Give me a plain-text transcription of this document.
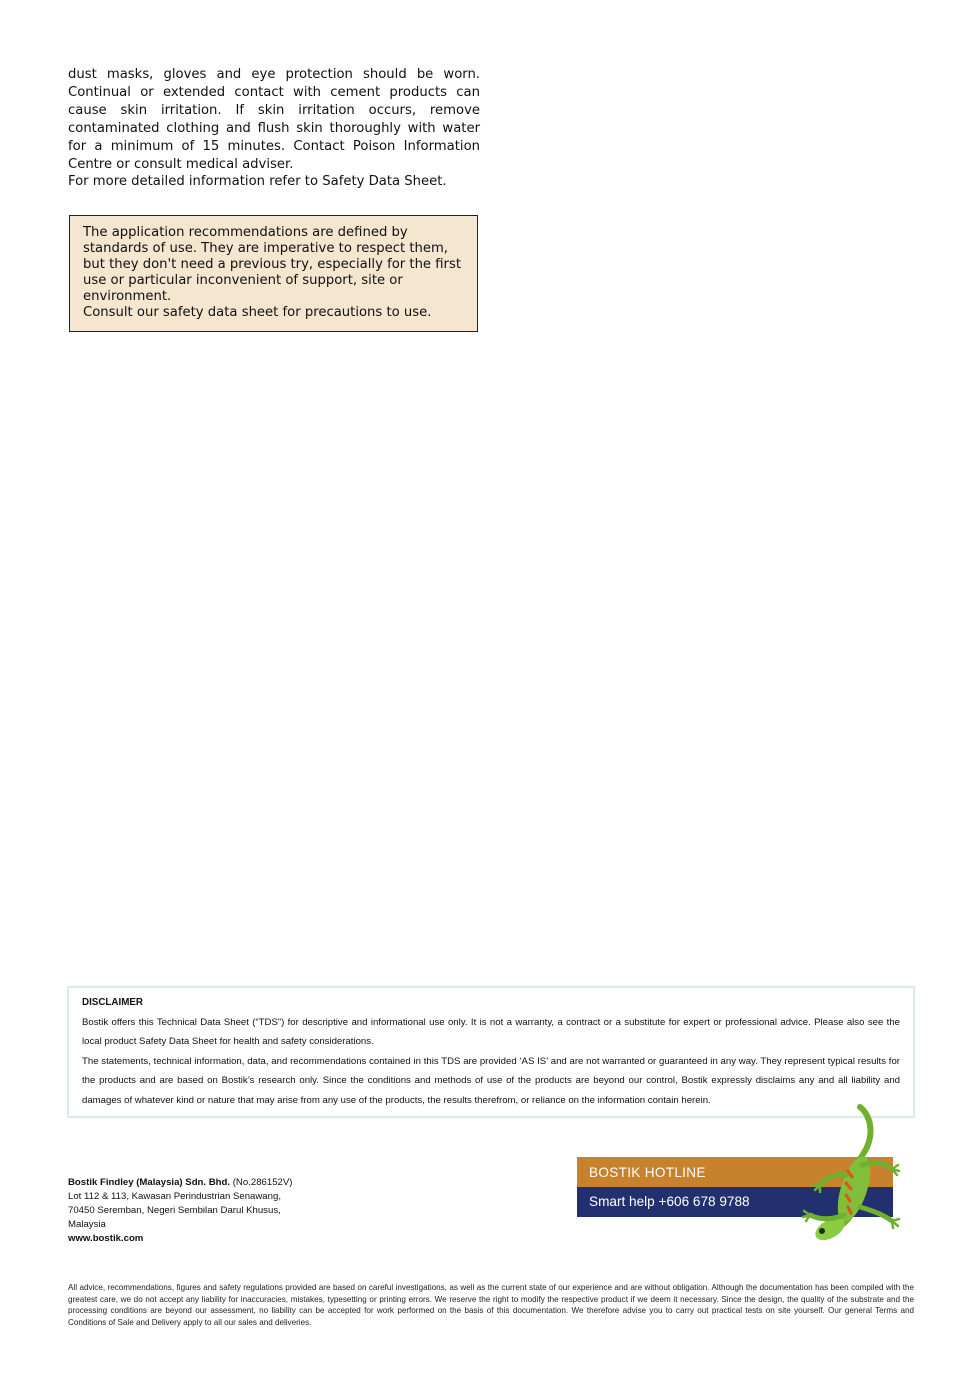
dust masks, gloves and eye protection should be worn. Continual or extended contact with cement products can cause skin irritation. If skin irritation occurs, remove contaminated clothing and flush skin thoroughly with water for a minimum of 15 minutes. Contact Poison Information Centre or consult medical adviser.

For more detailed information refer to Safety Data Sheet.

The application recommendations are defined by standards of use. They are imperative to respect them, but they don't need a previous try, especially for the first use or particular inconvenient of support, site or environment.

Consult our safety data sheet for precautions to use.

DISCLAIMER

Bostik offers this Technical Data Sheet (“TDS”) for descriptive and informational use only. It is not a warranty, a contract or a substitute for expert or professional advice. Please also see the local product Safety Data Sheet for health and safety considerations.

The statements, technical information, data, and recommendations contained in this TDS are provided ‘AS IS’ and are not warranted or guaranteed in any way. They represent typical results for the products and are based on Bostik’s research only. Since the conditions and methods of use of the products are beyond our control, Bostik expressly disclaims any and all liability and damages of whatever kind or nature that may arise from any use of the products, the results therefrom, or reliance on the information contain herein.

Bostik Findley (Malaysia) Sdn. Bhd. (No.286152V)
Lot 112 & 113, Kawasan Perindustrian Senawang,
70450 Seremban, Negeri Sembilan Darul Khusus,
Malaysia
www.bostik.com
BOSTIK HOTLINE
Smart help +606 678 9788

All advice, recommendations, figures and safety regulations provided are based on careful investigations, as well as the current state of our experience and are without obligation. Although the documentation has been compiled with the greatest care, we do not accept any liability for inaccuracies, mistakes, typesetting or printing errors. We reserve the right to modify the respective product if we deem it necessary. Since the design, the quality of the substrate and the processing conditions are beyond our assessment, no liability can be accepted for work performed on the basis of this documentation. We therefore advise you to carry out practical tests on site yourself. Our general Terms and Conditions of Sale and Delivery apply to all our sales and deliveries.
